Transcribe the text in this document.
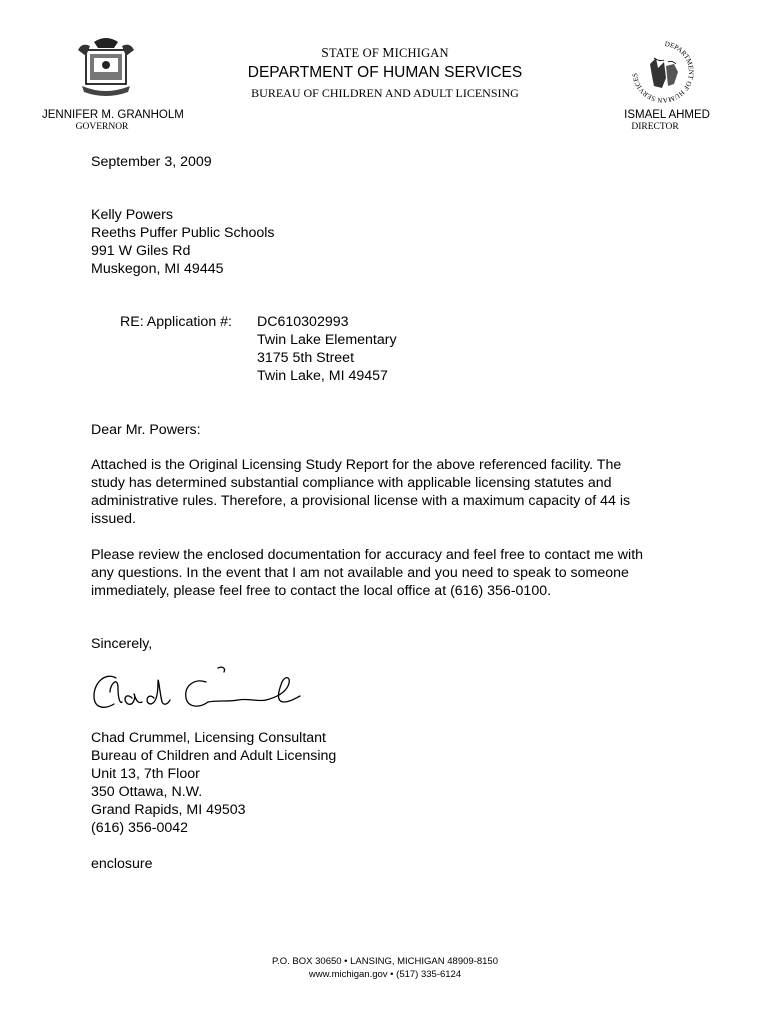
STATE OF MICHIGAN
DEPARTMENT OF HUMAN SERVICES
BUREAU OF CHILDREN AND ADULT LICENSING
DEPARTMENT OF HUMAN SERVICES
JENNIFER M. GRANHOLM
GOVERNOR
ISMAEL AHMED
DIRECTOR
September 3, 2009
Kelly Powers
Reeths Puffer Public Schools
991 W Giles Rd
Muskegon, MI 49445
RE: Application #: DC610302993
Twin Lake Elementary
3175 5th Street
Twin Lake, MI 49457
Dear Mr. Powers:
Attached is the Original Licensing Study Report for the above referenced facility. The
study has determined substantial compliance with applicable licensing statutes and
administrative rules. Therefore, a provisional license with a maximum capacity of 44 is
issued.
Please review the enclosed documentation for accuracy and feel free to contact me with
any questions. In the event that I am not available and you need to speak to someone
immediately, please feel free to contact the local office at (616) 356-0100.
Sincerely,
Chad Crummel, Licensing Consultant
Bureau of Children and Adult Licensing
Unit 13, 7th Floor
350 Ottawa, N.W.
Grand Rapids, MI 49503
(616) 356-0042
enclosure
P.O. BOX 30650 • LANSING, MICHIGAN 48909-8150
www.michigan.gov • (517) 335-6124
